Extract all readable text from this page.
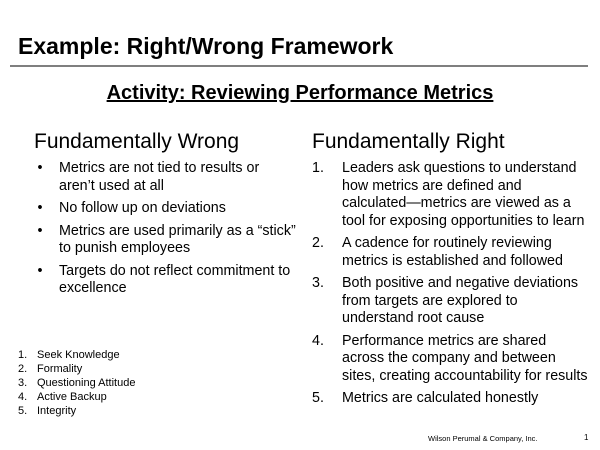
Example: Right/Wrong Framework
Activity: Reviewing Performance Metrics
Fundamentally Wrong
• Metrics are not tied to results or aren’t used at all
• No follow up on deviations
• Metrics are used primarily as a “stick” to punish employees
• Targets do not reflect commitment to excellence
Fundamentally Right
1. Leaders ask questions to understand how metrics are defined and calculated—metrics are viewed as a tool for exposing opportunities to learn
2. A cadence for routinely reviewing metrics is established and followed
3. Both positive and negative deviations from targets are explored to understand root cause
4. Performance metrics are shared across the company and between sites, creating accountability for results
5. Metrics are calculated honestly
1. Seek Knowledge
2. Formality
3. Questioning Attitude
4. Active Backup
5. Integrity
Wilson Perumal & Company, Inc.	1
